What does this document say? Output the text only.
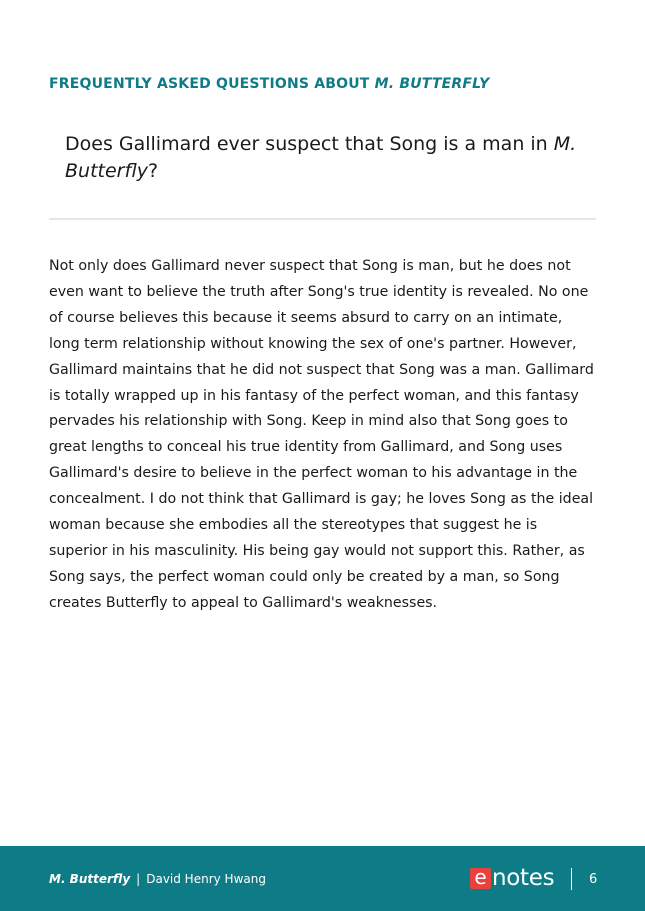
FREQUENTLY ASKED QUESTIONS ABOUT M. BUTTERFLY
Does Gallimard ever suspect that Song is a man in M. Butterfly?

Not only does Gallimard never suspect that Song is man, but he does not even want to believe the truth after Song's true identity is revealed. No one of course believes this because it seems absurd to carry on an intimate, long term relationship without knowing the sex of one's partner. However, Gallimard maintains that he did not suspect that Song was a man. Gallimard is totally wrapped up in his fantasy of the perfect woman, and this fantasy pervades his relationship with Song. Keep in mind also that Song goes to great lengths to conceal his true identity from Gallimard, and Song uses Gallimard's desire to believe in the perfect woman to his advantage in the concealment. I do not think that Gallimard is gay; he loves Song as the ideal woman because she embodies all the stereotypes that suggest he is superior in his masculinity. His being gay would not support this. Rather, as Song says, the perfect woman could only be created by a man, so Song creates Butterfly to appeal to Gallimard's weaknesses.

M. Butterfly | David Henry Hwang	e notes	6
